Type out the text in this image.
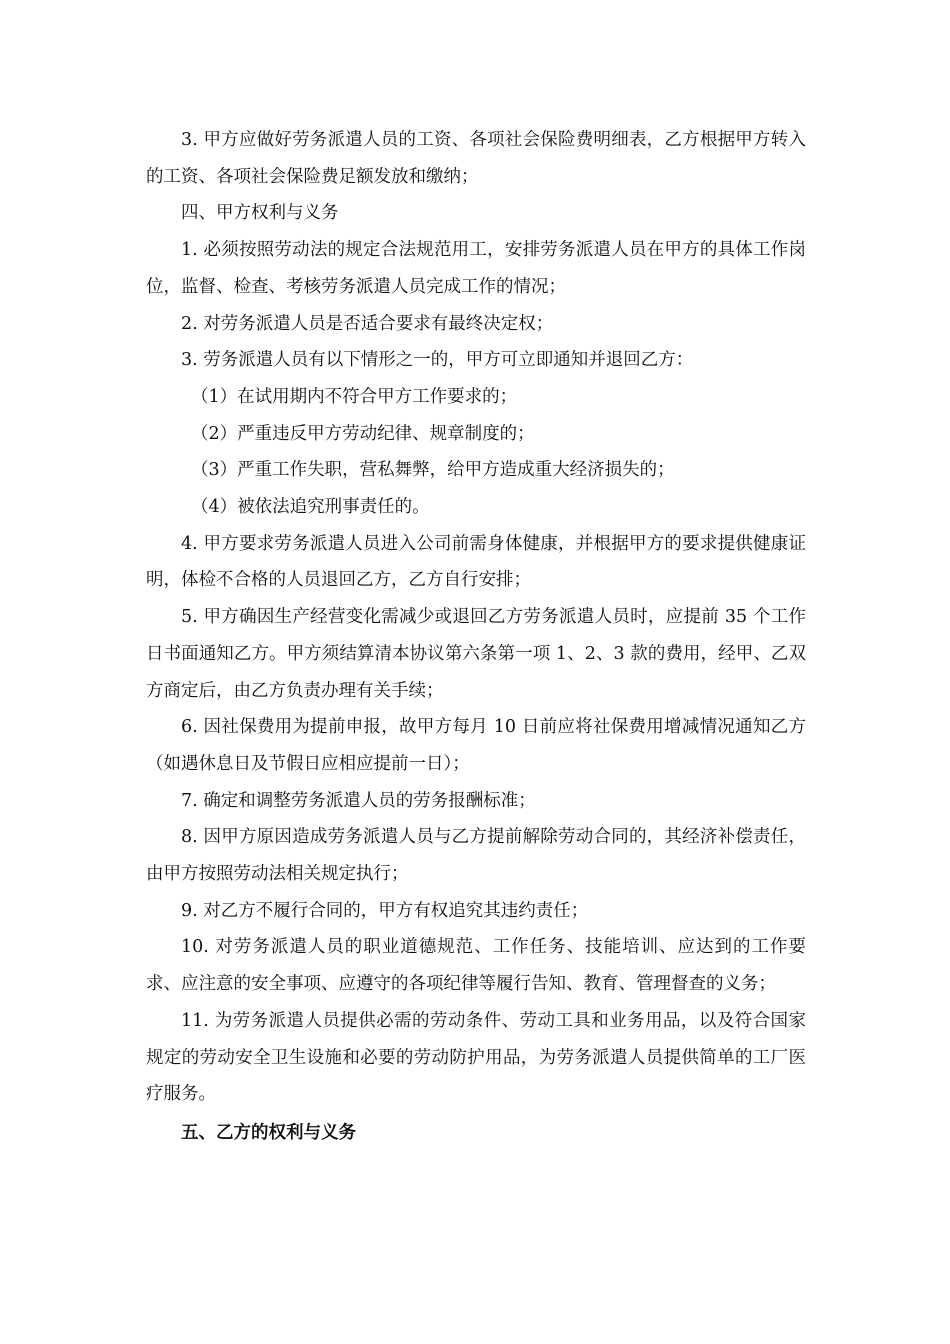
3. 甲方应做好劳务派遣人员的工资、各项社会保险费明细表，乙方根据甲方转入的工资、各项社会保险费足额发放和缴纳；

四、甲方权利与义务

1. 必须按照劳动法的规定合法规范用工，安排劳务派遣人员在甲方的具体工作岗位，监督、检查、考核劳务派遣人员完成工作的情况；

2. 对劳务派遣人员是否适合要求有最终决定权；

3. 劳务派遣人员有以下情形之一的，甲方可立即通知并退回乙方：

（1）在试用期内不符合甲方工作要求的；

（2）严重违反甲方劳动纪律、规章制度的；

（3）严重工作失职，营私舞弊，给甲方造成重大经济损失的；

（4）被依法追究刑事责任的。

4. 甲方要求劳务派遣人员进入公司前需身体健康，并根据甲方的要求提供健康证明，体检不合格的人员退回乙方，乙方自行安排；

5. 甲方确因生产经营变化需减少或退回乙方劳务派遣人员时，应提前 35 个工作日书面通知乙方。甲方须结算清本协议第六条第一项 1、2、3 款的费用，经甲、乙双方商定后，由乙方负责办理有关手续；

6. 因社保费用为提前申报，故甲方每月 10 日前应将社保费用增减情况通知乙方（如遇休息日及节假日应相应提前一日）；

7. 确定和调整劳务派遣人员的劳务报酬标准；

8. 因甲方原因造成劳务派遣人员与乙方提前解除劳动合同的，其经济补偿责任，由甲方按照劳动法相关规定执行；

9. 对乙方不履行合同的，甲方有权追究其违约责任；

10. 对劳务派遣人员的职业道德规范、工作任务、技能培训、应达到的工作要求、应注意的安全事项、应遵守的各项纪律等履行告知、教育、管理督查的义务；

11. 为劳务派遣人员提供必需的劳动条件、劳动工具和业务用品，以及符合国家规定的劳动安全卫生设施和必要的劳动防护用品，为劳务派遣人员提供简单的工厂医疗服务。

五、乙方的权利与义务
